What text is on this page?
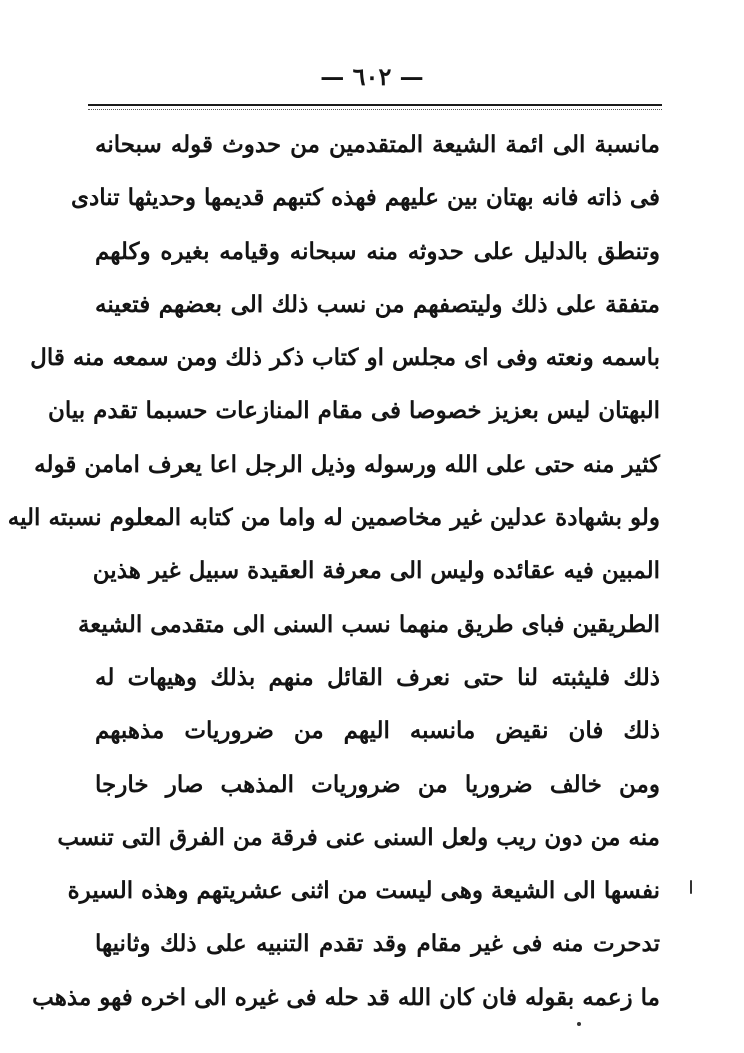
— ٦٠٢ —
مانسبة الى ائمة الشيعة المتقدمين من حدوث قوله سبحانه
فى ذاته فانه بهتان بين عليهم فهذه كتبهم قديمها وحديثها تنادى
وتنطق بالدليل على حدوثه منه سبحانه وقيامه بغيره وكلهم
متفقة على ذلك وليتصفهم من نسب ذلك الى بعضهم فتعينه
باسمه ونعته وفى اى مجلس او كتاب ذكر ذلك ومن سمعه منه قال
البهتان ليس بعزيز خصوصا فى مقام المنازعات حسبما تقدم بيان
كثير منه حتى على الله ورسوله وذيل الرجل اعا يعرف امامن قوله
ولو بشهادة عدلين غير مخاصمين له واما من كتابه المعلوم نسبته اليه
المبين فيه عقائده وليس الى معرفة العقيدة سبيل غير هذين
الطريقين فباى طريق منهما نسب السنى الى متقدمى الشيعة
ذلك فليثبته لنا حتى نعرف القائل منهم بذلك وهيهات له
ذلك فان نقيض مانسبه اليهم من ضروريات مذهبهم
ومن خالف ضروريا من ضروريات المذهب صار خارجا
منه من دون ريب ولعل السنى عنى فرقة من الفرق التى تنسب
نفسها الى الشيعة وهى ليست من اثنى عشريتهم وهذه السيرة
تدحرت منه فى غير مقام وقد تقدم التنبيه على ذلك وثانيها
ما زعمه بقوله فان كان الله قد حله فى غيره الى اخره فهو مذهب
